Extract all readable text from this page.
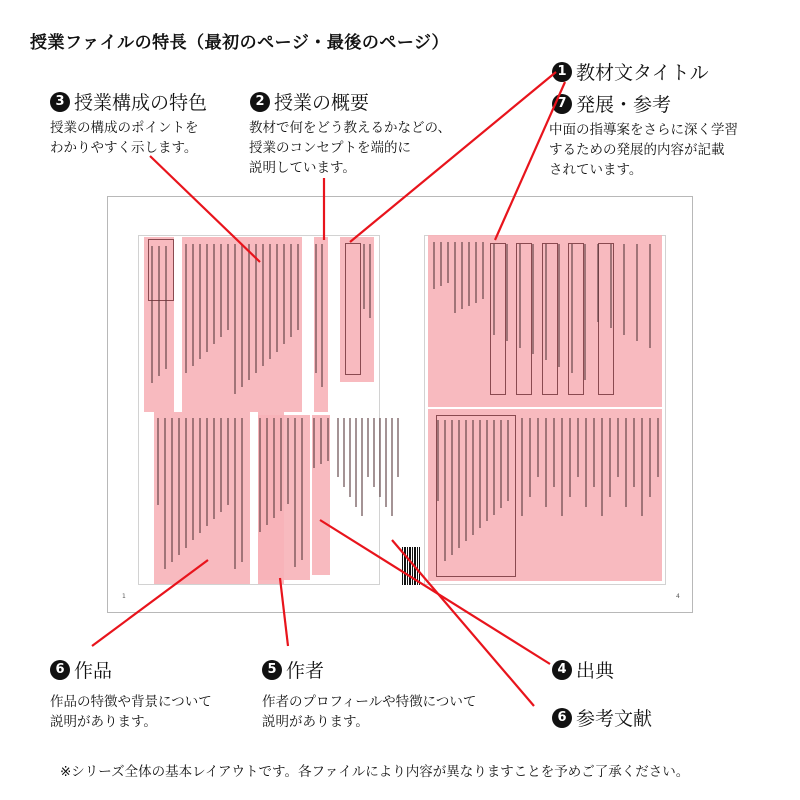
授業ファイルの特長（最初のページ・最後のページ）
1 教材文タイトル
7 発展・参考
中面の指導案をさらに深く学習
するための発展的内容が記載
されています。
3 授業構成の特色
授業の構成のポイントを
わかりやすく示します。
2 授業の概要
教材で何をどう教えるかなどの、
授業のコンセプトを端的に
説明しています。
6 作品
作品の特徴や背景について
説明があります。
5 作者
作者のプロフィールや特徴について
説明があります。
4 出典
6 参考文献
※シリーズ全体の基本レイアウトです。各ファイルにより内容が異なりますことを予めご了承ください。
1	4
